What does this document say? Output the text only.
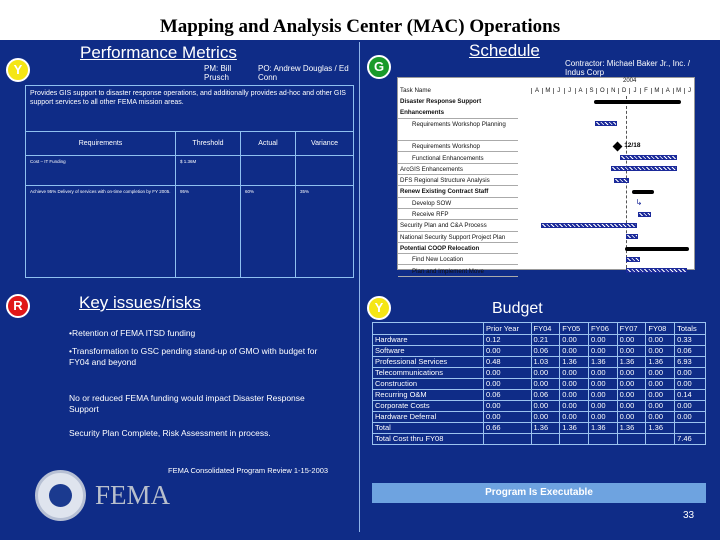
Mapping and Analysis Center (MAC) Operations
Performance Metrics
Y	PM: Bill Prusch
PO: Andrew Douglas / Ed Conn
Provides GIS support to disaster response operations, and additionally provides ad-hoc and other GIS support services to all other FEMA mission areas.			
Requirements	Threshold	Actual	Variance
Cost – IT Funding	$ 1.36M		
Achieve 95% Delivery of services with on-time completion by FY 2005.	95%	60%	35%
Schedule
G	Contractor: Michael Baker Jr., Inc. / Indus Corp
Task Name
2004
A	M	J	J	A	S	O	N	D	J	F	M	A	M	J
Disaster Response Support Enhancements
Requirements Workshop Planning
Requirements Workshop	12/18
Functional Enhancements
ArcGIS Enhancements
DFS Regional Structure Analysis
Renew Existing Contract Staff
Develop SOW	↳
Receive RFP
Security Plan and C&A Process
National Security Support Project Plan
Potential COOP Relocation
Find New Location
Plan and Implement Move
R	Key issues/risks
•Retention of FEMA ITSD funding
•Transformation to GSC pending stand-up of GMO with budget for FY04 and beyond
No or reduced FEMA funding would impact Disaster Response Support
Security Plan Complete, Risk Assessment in process.
FEMA Consolidated Program Review 1-15-2003
FEMA
Y	Budget
	Prior Year	FY04	FY05	FY06	FY07	FY08	Totals
Hardware	0.12	0.21	0.00	0.00	0.00	0.00	0.33
Software	0.00	0.06	0.00	0.00	0.00	0.00	0.06
Professional Services	0.48	1.03	1.36	1.36	1.36	1.36	6.93
Telecommunications	0.00	0.00	0.00	0.00	0.00	0.00	0.00
Construction	0.00	0.00	0.00	0.00	0.00	0.00	0.00
Recurring O&M	0.06	0.06	0.00	0.00	0.00	0.00	0.14
Corporate Costs	0.00	0.00	0.00	0.00	0.00	0.00	0.00
Hardware Deferral	0.00	0.00	0.00	0.00	0.00	0.00	0.00
Total	0.66	1.36	1.36	1.36	1.36	1.36	
Total Cost thru FY08							7.46
Program Is Executable
33
